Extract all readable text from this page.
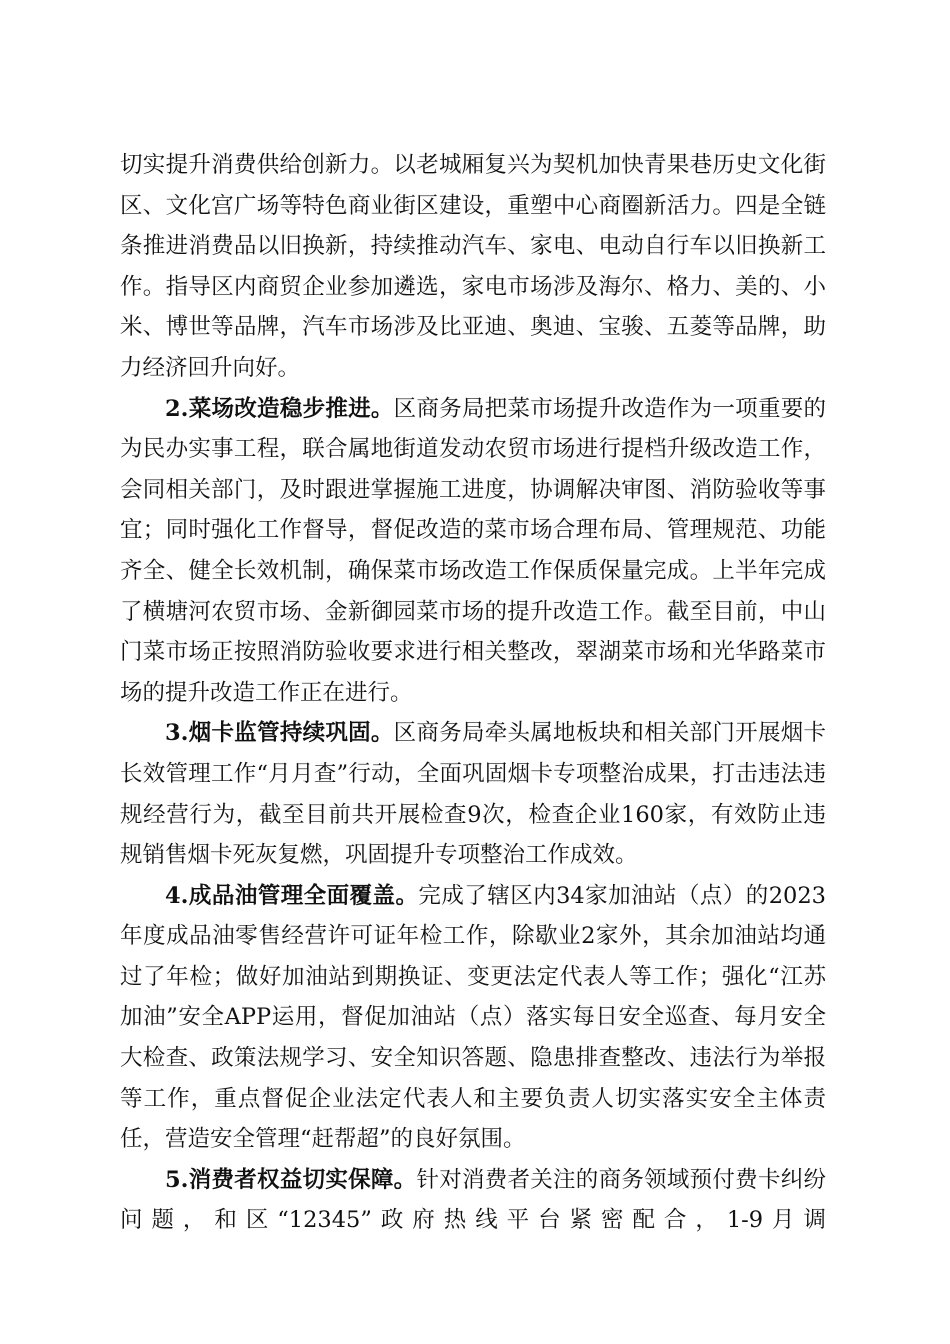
切实提升消费供给创新力。以老城厢复兴为契机加快青果巷历史文化街区、文化宫广场等特色商业街区建设，重塑中心商圈新活力。四是全链条推进消费品以旧换新，持续推动汽车、家电、电动自行车以旧换新工作。指导区内商贸企业参加遴选，家电市场涉及海尔、格力、美的、小米、博世等品牌，汽车市场涉及比亚迪、奥迪、宝骏、五菱等品牌，助力经济回升向好。

2.菜场改造稳步推进。区商务局把菜市场提升改造作为一项重要的为民办实事工程，联合属地街道发动农贸市场进行提档升级改造工作，会同相关部门，及时跟进掌握施工进度，协调解决审图、消防验收等事宜；同时强化工作督导，督促改造的菜市场合理布局、管理规范、功能齐全、健全长效机制，确保菜市场改造工作保质保量完成。上半年完成了横塘河农贸市场、金新御园菜市场的提升改造工作。截至目前，中山门菜市场正按照消防验收要求进行相关整改，翠湖菜市场和光华路菜市场的提升改造工作正在进行。

3.烟卡监管持续巩固。区商务局牵头属地板块和相关部门开展烟卡长效管理工作“月月查”行动，全面巩固烟卡专项整治成果，打击违法违规经营行为，截至目前共开展检查9次，检查企业160家，有效防止违规销售烟卡死灰复燃，巩固提升专项整治工作成效。

4.成品油管理全面覆盖。完成了辖区内34家加油站（点）的2023年度成品油零售经营许可证年检工作，除歇业2家外，其余加油站均通过了年检；做好加油站到期换证、变更法定代表人等工作；强化“江苏加油”安全APP运用，督促加油站（点）落实每日安全巡查、每月安全大检查、政策法规学习、安全知识答题、隐患排查整改、违法行为举报等工作，重点督促企业法定代表人和主要负责人切实落实安全主体责任，营造安全管理“赶帮超”的良好氛围。

5.消费者权益切实保障。针对消费者关注的商务领域预付费卡纠纷问题，和区“12345”政府热线平台紧密配合，1-9月调
